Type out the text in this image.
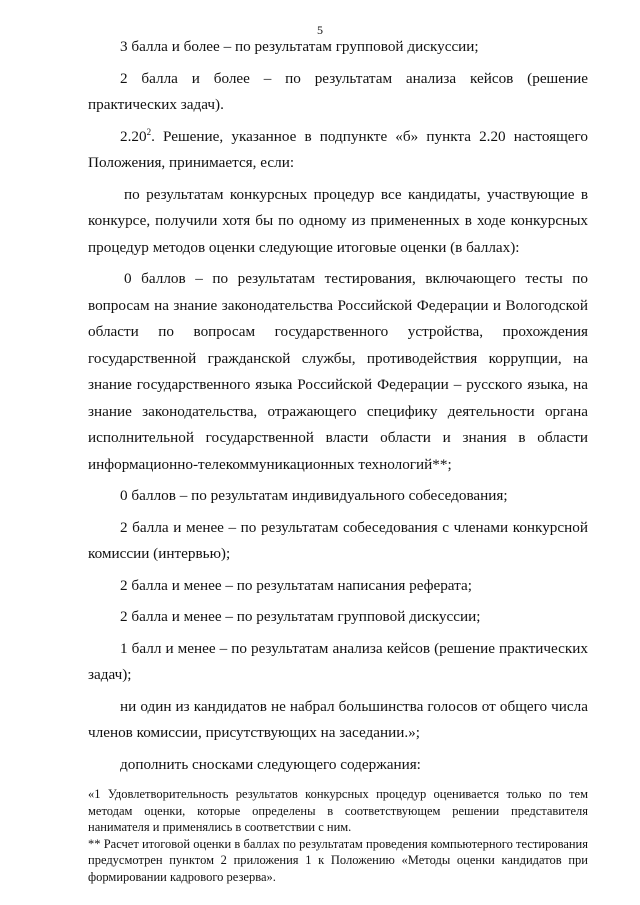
5

3 балла и более – по результатам групповой дискуссии;

2 балла и более – по результатам анализа кейсов (решение практических задач).

2.20$^2$. Решение, указанное в подпункте «б» пункта 2.20 настоящего Положения, принимается, если:

по результатам конкурсных процедур все кандидаты, участвующие в конкурсе, получили хотя бы по одному из примененных в ходе конкурсных процедур методов оценки следующие итоговые оценки (в баллах):

0 баллов – по результатам тестирования, включающего тесты по вопросам на знание законодательства Российской Федерации и Вологодской области по вопросам государственного устройства, прохождения государственной гражданской службы, противодействия коррупции, на знание государственного языка Российской Федерации – русского языка, на знание законодательства, отражающего специфику деятельности органа исполнительной государственной власти области и знания в области информационно-телекоммуникационных технологий**;

0 баллов – по результатам индивидуального собеседования;

2 балла и менее – по результатам собеседования с членами конкурсной комиссии (интервью);

2 балла и менее – по результатам написания реферата;

2 балла и менее – по результатам групповой дискуссии;

1 балл и менее – по результатам анализа кейсов (решение практических задач);

ни один из кандидатов не набрал большинства голосов от общего числа членов комиссии, присутствующих на заседании.»;

дополнить сносками следующего содержания:

«1 Удовлетворительность результатов конкурсных процедур оценивается только по тем методам оценки, которые определены в соответствующем решении представителя нанимателя и применялись в соответствии с ним.

** Расчет итоговой оценки в баллах по результатам проведения компьютерного тестирования предусмотрен пунктом 2 приложения 1 к Положению «Методы оценки кандидатов при формировании кадрового резерва».
